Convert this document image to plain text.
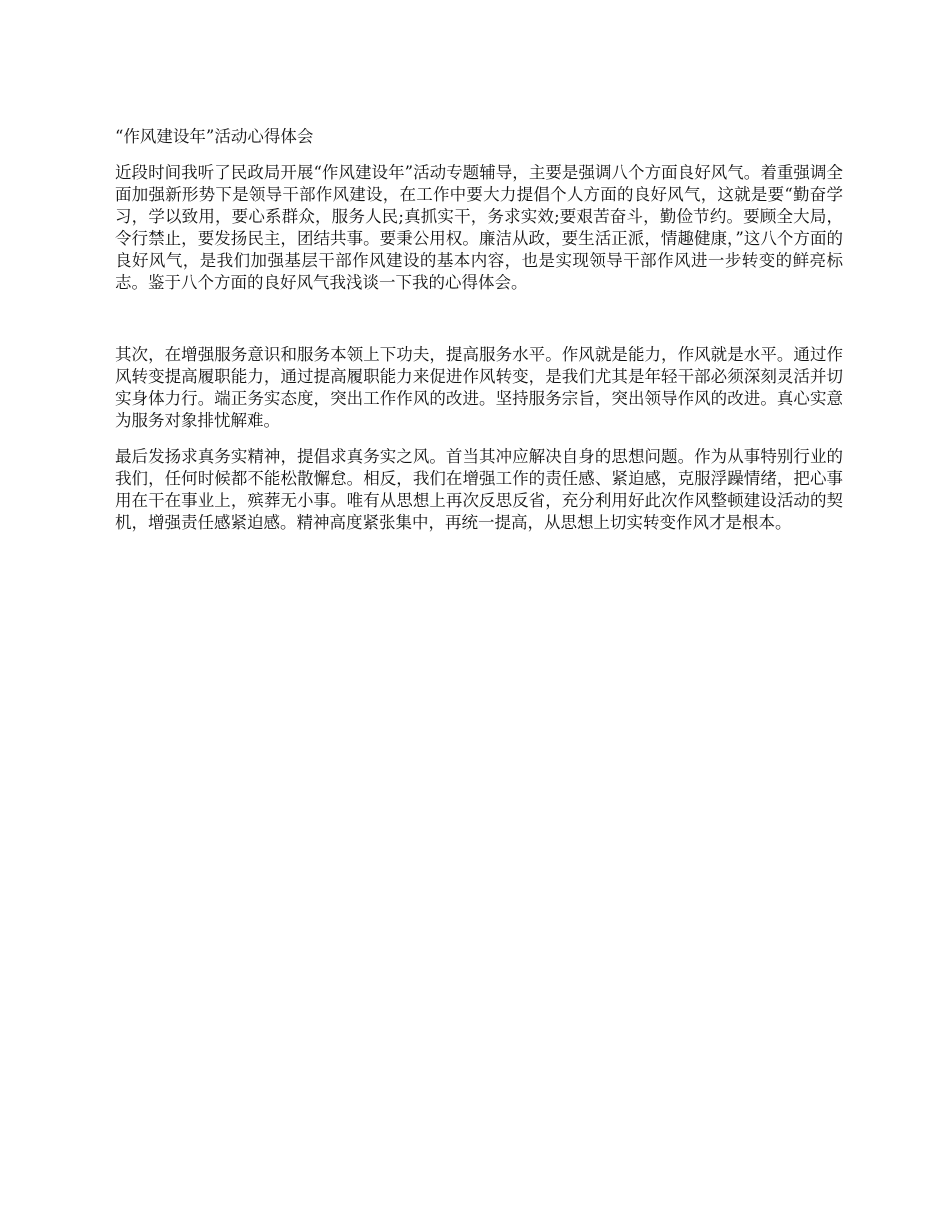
“作风建设年”活动心得体会

近段时间我听了民政局开展“作风建设年”活动专题辅导，主要是强调八个方面良好风气。着重强调全面加强新形势下是领导干部作风建设，在工作中要大力提倡个人方面的良好风气，这就是要“勤奋学习，学以致用，要心系群众，服务人民;真抓实干，务求实效;要艰苦奋斗，勤俭节约。要顾全大局，令行禁止，要发扬民主，团结共事。要秉公用权。廉洁从政，要生活正派，情趣健康，”这八个方面的良好风气，是我们加强基层干部作风建设的基本内容，也是实现领导干部作风进一步转变的鲜亮标志。鉴于八个方面的良好风气我浅谈一下我的心得体会。

其次，在增强服务意识和服务本领上下功夫，提高服务水平。作风就是能力，作风就是水平。通过作风转变提高履职能力，通过提高履职能力来促进作风转变，是我们尤其是年轻干部必须深刻灵活并切实身体力行。端正务实态度，突出工作作风的改进。坚持服务宗旨，突出领导作风的改进。真心实意为服务对象排忧解难。

最后发扬求真务实精神，提倡求真务实之风。首当其冲应解决自身的思想问题。作为从事特别行业的我们，任何时候都不能松散懈怠。相反，我们在增强工作的责任感、紧迫感，克服浮躁情绪，把心事用在干在事业上，殡葬无小事。唯有从思想上再次反思反省，充分利用好此次作风整顿建设活动的契机，增强责任感紧迫感。精神高度紧张集中，再统一提高，从思想上切实转变作风才是根本。
